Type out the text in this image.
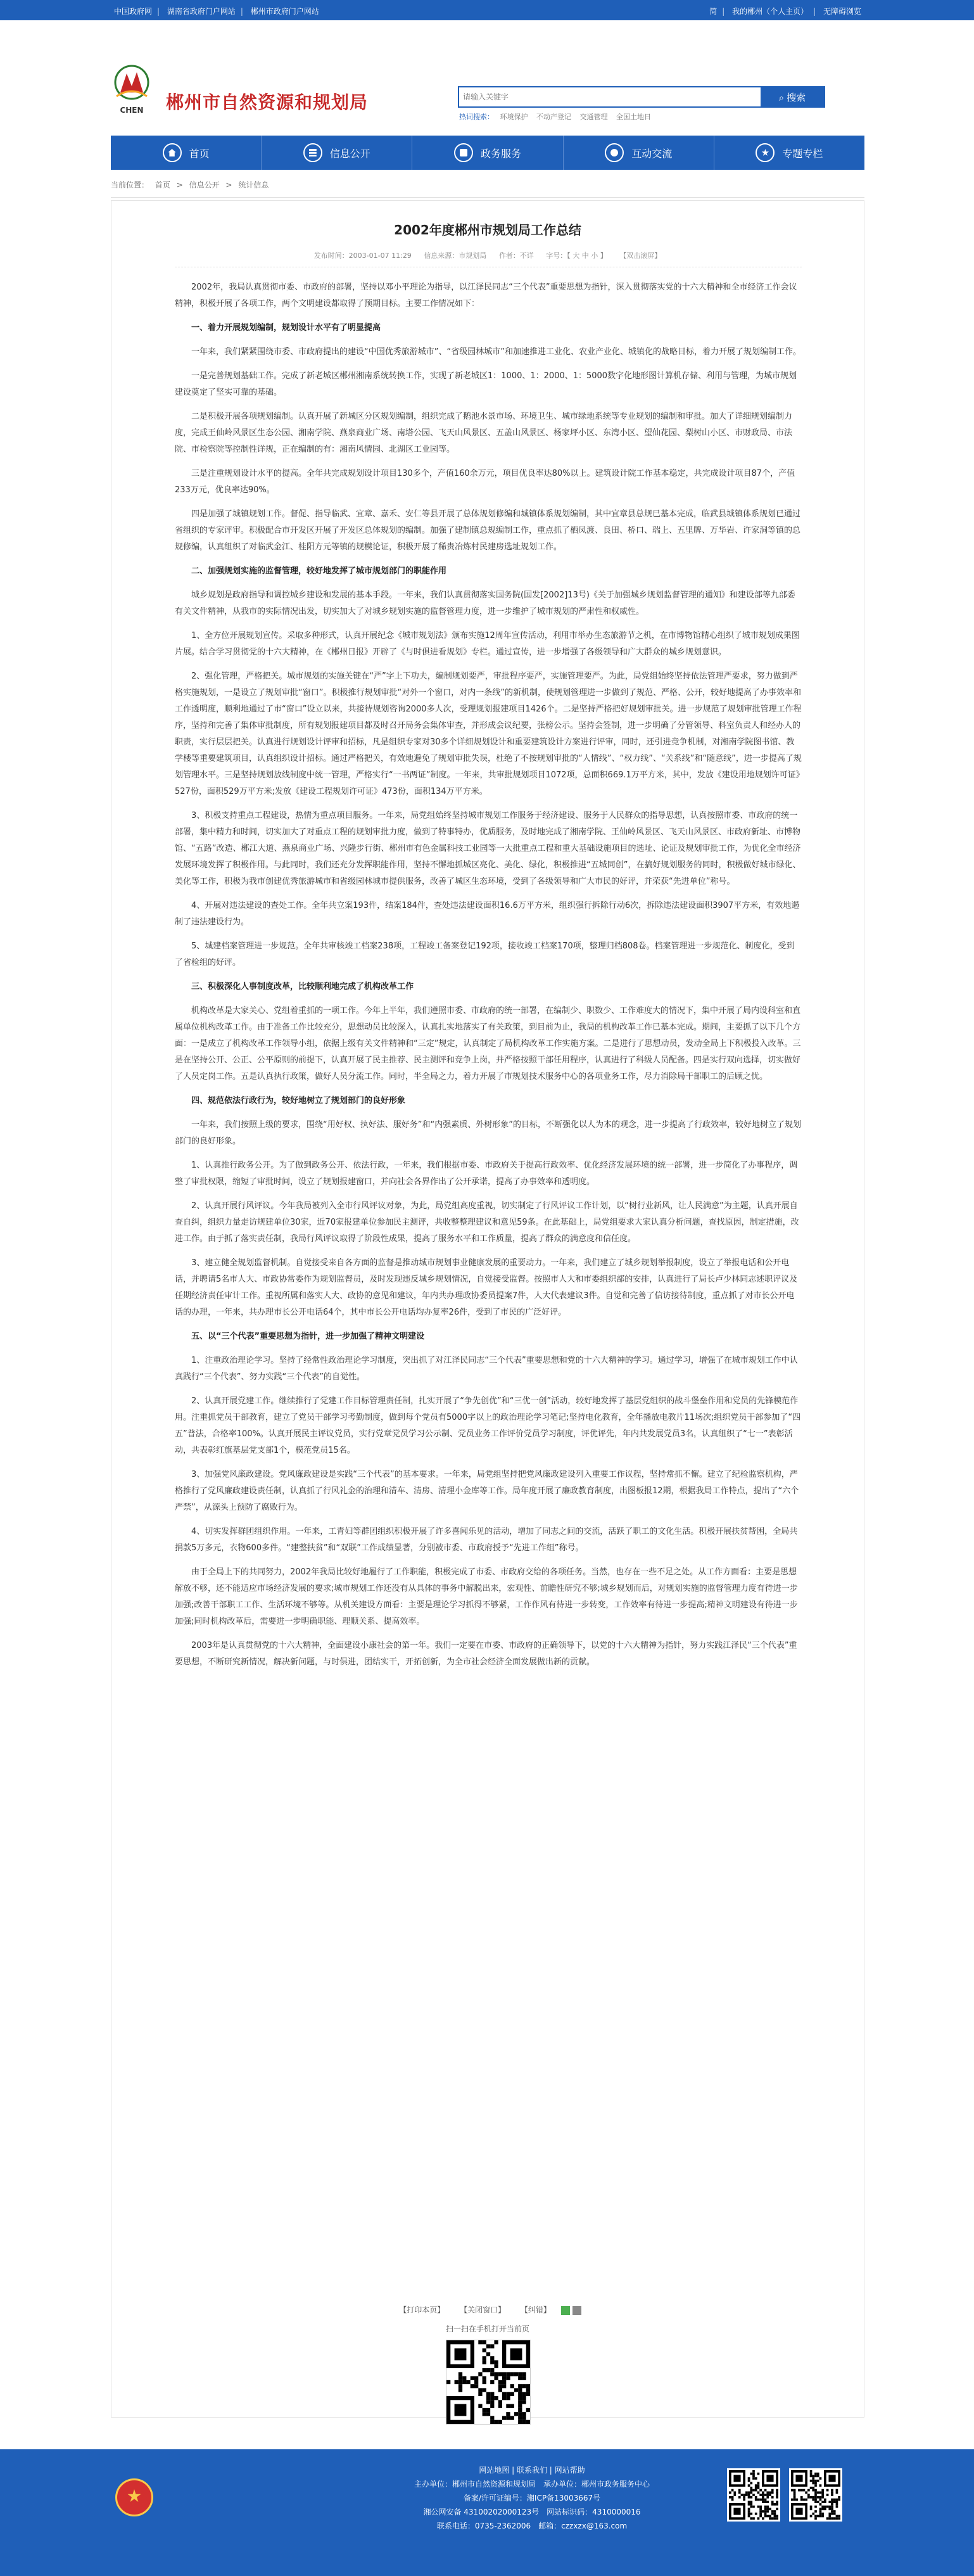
中国政府网 | 湖南省政府门户网站 | 郴州市政府门户网站	简 | 我的郴州（个人主页） | 无障碍浏览
CHEN 郴州市自然资源和规划局
请输入关键字	⌕ 搜索
热词搜索： 环境保护 不动产登记 交通管理 全国土地日
首页	信息公开	政务服务	互动交流	专题专栏
当前位置： 首页 > 信息公开 > 统计信息
2002年度郴州市规划局工作总结
发布时间：2003-01-07 11:29 信息来源：市规划局 作者：不详 字号：【 大 中 小 】 【双击滚屏】

2002年，我局认真贯彻市委、市政府的部署，坚持以邓小平理论为指导，以江泽民同志“三个代表”重要思想为指针，深入贯彻落实党的十六大精神和全市经济工作会议精神，积极开展了各项工作，两个文明建设都取得了预期目标。主要工作情况如下：

一、着力开展规划编制，规划设计水平有了明显提高

一年来，我们紧紧围绕市委、市政府提出的建设“中国优秀旅游城市”、“省级园林城市”和加速推进工业化、农业产业化、城镇化的战略目标，着力开展了规划编制工作。

一是完善规划基础工作。完成了新老城区郴州湘南系统转换工作，实现了新老城区1：1000、1：2000、1：5000数字化地形图计算机存储、利用与管理，为城市规划建设奠定了坚实可靠的基础。

二是积极开展各项规划编制。认真开展了新城区分区规划编制，组织完成了鹅池水景市场、环境卫生、城市绿地系统等专业规划的编制和审批。加大了详细规划编制力度，完成王仙岭风景区生态公园、湘南学院、燕泉商业广场、南塔公园、飞天山风景区、五盖山风景区、杨家坪小区、东湾小区、望仙花园、梨树山小区、市财政局、市法院、市检察院等控制性详规，正在编制的有：湘南风情园、北湖区工业园等。

三是注重规划设计水平的提高。全年共完成规划设计项目130多个，产值160余万元，项目优良率达80%以上。建筑设计院工作基本稳定，共完成设计项目87个，产值233万元，优良率达90%。

四是加强了城镇规划工作。督促、指导临武、宜章、嘉禾、安仁等县开展了总体规划修编和城镇体系规划编制，其中宜章县总规已基本完成，临武县城镇体系规划已通过省组织的专家评审。积极配合市开发区开展了开发区总体规划的编制。加强了建制镇总规编制工作，重点抓了栖凤渡、良田、桥口、瑞上、五里牌、万华岩、许家洞等镇的总规修编，认真组织了对临武金江、桂阳方元等镇的规模论证，积极开展了稀贵冶炼村民建房选址规划工作。

二、加强规划实施的监督管理，较好地发挥了城市规划部门的职能作用

城乡规划是政府指导和调控城乡建设和发展的基本手段。一年来，我们认真贯彻落实国务院(国发[2002]13号)《关于加强城乡规划监督管理的通知》和建设部等九部委有关文件精神，从我市的实际情况出发，切实加大了对城乡规划实施的监督管理力度，进一步维护了城市规划的严肃性和权威性。

1、全方位开展规划宣传。采取多种形式，认真开展纪念《城市规划法》颁布实施12周年宣传活动，利用市举办生态旅游节之机，在市博物馆精心组织了城市规划成果图片展。结合学习贯彻党的十六大精神，在《郴州日报》开辟了《与时俱进看规划》专栏。通过宣传，进一步增强了各级领导和广大群众的城乡规划意识。

2、强化管理，严格把关。城市规划的实施关键在“严”字上下功夫，编制规划要严，审批程序要严，实施管理要严。为此，局党组始终坚持依法管理严要求，努力做到严格实施规划，一是设立了规划审批“窗口”。积极推行规划审批“对外一个窗口，对内一条线”的新机制，使规划管理进一步做到了规范、严格、公开，较好地提高了办事效率和工作透明度，顺利地通过了市“窗口”设立以来，共接待规划咨询2000多人次，受理规划报建项目1426个。二是坚持严格把好规划审批关。进一步规范了规划审批管理工作程序，坚持和完善了集体审批制度，所有规划报建项目都及时召开局务会集体审查，并形成会议纪要，张榜公示。坚持会签制，进一步明确了分管领导、科室负责人和经办人的职责，实行层层把关。认真进行规划设计评审和招标，凡是组织专家对30多个详细规划设计和重要建筑设计方案进行评审，同时，还引进竞争机制，对湘南学院图书馆、教学楼等重要建筑项目，认真组织设计招标。通过严格把关，有效地避免了规划审批失误，杜绝了不按规划审批的“人情线”、“权力线”、“关系线”和“随意线”，进一步提高了规划管理水平。三是坚持规划放线制度中统一管理，严格实行“一书两证”制度。一年来，共审批规划项目1072项，总面积669.1万平方米，其中，发放《建设用地规划许可证》527份，面积529万平方米;发放《建设工程规划许可证》473份，面积134万平方米。

3、积极支持重点工程建设，热情为重点项目服务。一年来，局党组始终坚持城市规划工作服务于经济建设、服务于人民群众的指导思想，认真按照市委、市政府的统一部署，集中精力和时间，切实加大了对重点工程的规划审批力度，做到了特事特办，优质服务，及时地完成了湘南学院、王仙岭风景区、飞天山风景区、市政府新址、市博物馆、“五路”改造、郴江大道、燕泉商业广场、兴隆步行街、郴州市有色金属科技工业园等一大批重点工程和重大基础设施项目的选址、论证及规划审批工作，为优化全市经济发展环境发挥了积极作用。与此同时，我们还充分发挥职能作用，坚持不懈地抓城区亮化、美化、绿化，积极推进“五城同创”，在搞好规划服务的同时，积极做好城市绿化、美化等工作，积极为我市创建优秀旅游城市和省级园林城市提供服务，改善了城区生态环境，受到了各级领导和广大市民的好评，并荣获“先进单位”称号。

4、开展对违法建设的查处工作。全年共立案193件，结案184件，查处违法建设面积16.6万平方米，组织强行拆除行动6次，拆除违法建设面积3907平方米，有效地遏制了违法建设行为。

5、城建档案管理进一步规范。全年共审核竣工档案238项，工程竣工备案登记192项，接收竣工档案170项，整理归档808卷。档案管理进一步规范化、制度化，受到了省检组的好评。

三、积极深化人事制度改革，比较顺利地完成了机构改革工作

机构改革是大家关心、党组着重抓的一项工作。今年上半年，我们遵照市委、市政府的统一部署，在编制少、职数少、工作难度大的情况下，集中开展了局内设科室和直属单位机构改革工作。由于准备工作比较充分，思想动员比较深入，认真扎实地落实了有关政策，到目前为止，我局的机构改革工作已基本完成。期间，主要抓了以下几个方面：一是成立了机构改革工作领导小组，依据上级有关文件精神和“三定”规定，认真制定了局机构改革工作实施方案。二是进行了思想动员，发动全局上下积极投入改革。三是在坚持公开、公正、公平原则的前提下，认真开展了民主推荐、民主测评和竞争上岗，并严格按照干部任用程序，认真进行了科级人员配备。四是实行双向选择，切实做好了人员定岗工作。五是认真执行政策，做好人员分流工作。同时，半全局之力，着力开展了市规划技术服务中心的各项业务工作，尽力消除局干部职工的后顾之忧。

四、规范依法行政行为，较好地树立了规划部门的良好形象

一年来，我们按照上级的要求，围绕“用好权、执好法、服好务”和“内强素质、外树形象”的目标，不断强化以人为本的观念，进一步提高了行政效率，较好地树立了规划部门的良好形象。

1、认真推行政务公开。为了做到政务公开、依法行政，一年来，我们根据市委、市政府关于提高行政效率、优化经济发展环境的统一部署，进一步简化了办事程序，调整了审批权限，缩短了审批时间，设立了规划报建窗口，并向社会各界作出了公开承诺，提高了办事效率和透明度。

2、认真开展行风评议。今年我局被列入全市行风评议对象，为此，局党组高度重视，切实制定了行风评议工作计划，以“树行业新风，让人民满意”为主题，认真开展自查自纠，组织力量走访规建单位30家，近70家报建单位参加民主测评，共收整整理建议和意见59条。在此基础上，局党组要求大家认真分析问题，查找原因，制定措施，改进工作。由于抓了落实责任制，我局行风评议取得了阶段性成果，提高了服务水平和工作质量，提高了群众的满意度和信任度。

3、建立健全规划监督机制。自觉接受来自各方面的监督是推动城市规划事业健康发展的重要动力。一年来，我们建立了城乡规划举报制度，设立了举报电话和公开电话，并聘请5名市人大、市政协常委作为规划监督员，及时发现违反城乡规划情况，自觉接受监督。按照市人大和市委组织部的安排，认真进行了局长卢少林同志述职评议及任期经济责任审计工作。重视所属和落实人大、政协的意见和建议，年内共办理政协委员提案7件，人大代表建议3件。自觉和完善了信访接待制度，重点抓了对市长公开电话的办理，一年来，共办理市长公开电话64个，其中市长公开电话均办复率26件，受到了市民的广泛好评。

五、以“三个代表”重要思想为指针，进一步加强了精神文明建设

1、注重政治理论学习。坚持了经常性政治理论学习制度，突出抓了对江泽民同志“三个代表”重要思想和党的十六大精神的学习。通过学习，增强了在城市规划工作中认真践行“三个代表”、努力实践“三个代表”的自觉性。

2、认真开展党建工作。继续推行了党建工作目标管理责任制，扎实开展了“争先创优”和“三优一创”活动，较好地发挥了基层党组织的战斗堡垒作用和党员的先锋模范作用。注重抓党员干部教育，建立了党员干部学习考勤制度，做到每个党员有5000字以上的政治理论学习笔记;坚持电化教育，全年播放电教片11场次;组织党员干部参加了“四五”普法，合格率100%。认真开展民主评议党员，实行党章党员学习公示制、党员业务工作评价党员学习制度，评优评先，年内共发展党员3名，认真组织了“七一”表彰活动，共表彰红旗基层党支部1个，模范党员15名。

3、加强党风廉政建设。党风廉政建设是实践“三个代表”的基本要求。一年来，局党组坚持把党风廉政建设列入重要工作议程，坚持常抓不懈。建立了纪检监察机构，严格推行了党风廉政建设责任制，认真抓了行风礼金的治理和清车、清房、清理小金库等工作。局年度开展了廉政教育制度，出图板报12期，根据我局工作特点，提出了“六个严禁”，从源头上预防了腐败行为。

4、切实发挥群团组织作用。一年来，工青妇等群团组织积极开展了许多喜闻乐见的活动，增加了同志之间的交流，活跃了职工的文化生活。积极开展扶贫帮困，全局共捐款5万多元，衣物600多件。“建整扶贫”和“双联”工作成绩显著，分别被市委、市政府授予“先进工作组”称号。

由于全局上下的共同努力，2002年我局比较好地履行了工作职能，积极完成了市委、市政府交给的各项任务。当然，也存在一些不足之处。从工作方面看：主要是思想解放不够，还不能适应市场经济发展的要求;城市规划工作还没有从具体的事务中解脱出来，宏观性、前瞻性研究不够;城乡规划而后，对规划实施的监督管理力度有待进一步加强;改善干部职工工作、生活环境不够等。从机关建设方面看：主要是理论学习抓得不够紧，工作作风有待进一步转变，工作效率有待进一步提高;精神文明建设有待进一步加强;同时机构改革后，需要进一步明确职能、理顺关系、提高效率。

2003年是认真贯彻党的十六大精神，全面建设小康社会的第一年。我们一定要在市委、市政府的正确领导下，以党的十六大精神为指针，努力实践江泽民“三个代表”重要思想，不断研究新情况，解决新问题，与时俱进，团结实干，开拓创新，为全市社会经济全面发展做出新的贡献。

【打印本页】 【关闭窗口】 【纠错】
扫一扫在手机打开当前页
网站地图 | 联系我们 | 网站帮助
主办单位：郴州市自然资源和规划局　承办单位：郴州市政务服务中心
备案/许可证编号：湘ICP备13003667号
湘公网安备 43100202000123号　网站标识码：4310000016
联系电话：0735-2362006　邮箱：czzxzx@163.com
